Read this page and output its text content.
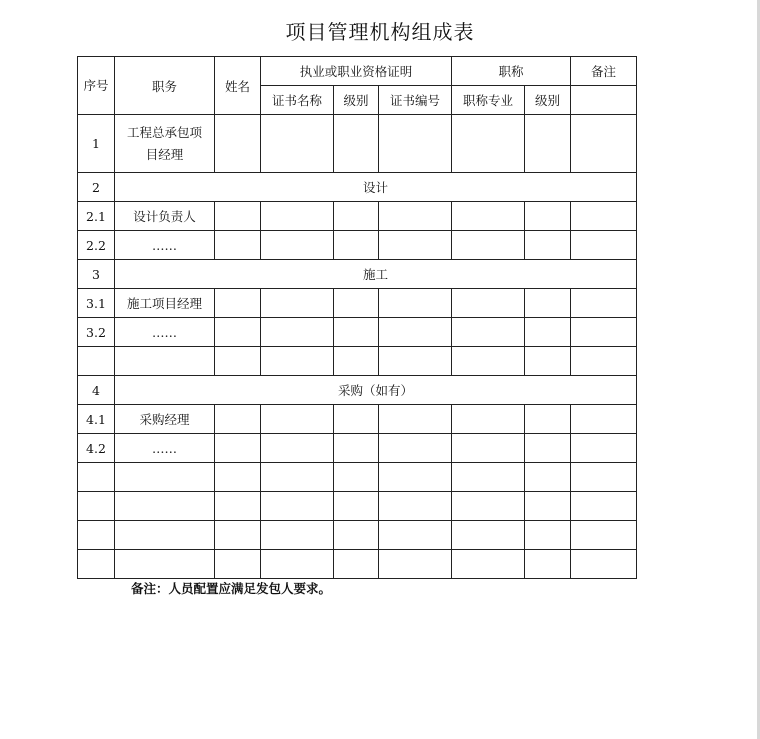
项目管理机构组成表
序号	职务	姓名	执业或职业资格证明			职称		备注
			证书名称	级别	证书编号	职称专业	级别	
1	工程总承包项目经理							
2	设计							
2.1	设计负责人							
2.2	……							
3	施工							
3.1	施工项目经理							
3.2	……							

4	采购（如有）							
4.1	采购经理							
4.2	……							

备注：人员配置应满足发包人要求。
